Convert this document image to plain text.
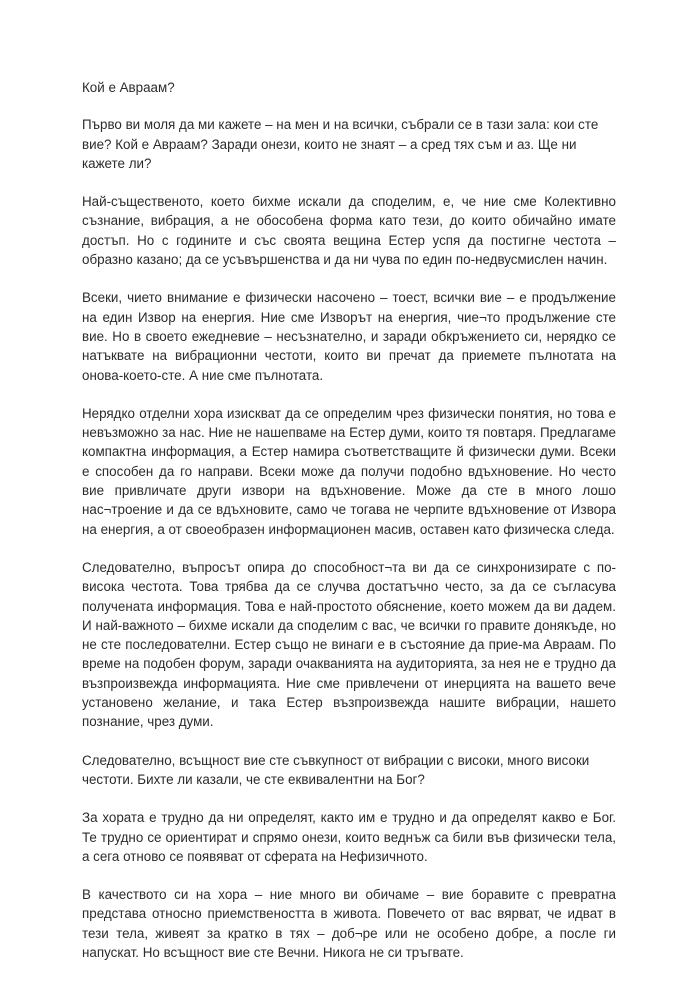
Кой е Авраам?

Първо ви моля да ми кажете – на мен и на всички, събрали се в тази зала: кои сте вие? Кой е Авраам? Заради онези, които не знаят – а сред тях съм и аз. Ще ни кажете ли?

Най-същественото, което бихме искали да споделим, е, че ние сме Колективно съзнание, вибрация, а не обособена форма като тези, до които обичайно имате достъп. Но с годините и със своята вещина Естер успя да постигне честота – образно казано; да се усъвършенства и да ни чува по един по-недвусмислен начин.

Всеки, чието внимание е физически насочено – тоест, всички вие – е продължение на един Извор на енергия. Ние сме Изворът на енергия, чие¬то продължение сте вие. Но в своето ежедневие – несъзнателно, и заради обкръжението си, нерядко се натъквате на вибрационни честоти, които ви пречат да приемете пълнотата на онова-което-сте. А ние сме пълнотата.

Нерядко отделни хора изискват да се определим чрез физически понятия, но това е невъзможно за нас. Ние не нашепваме на Естер думи, които тя повтаря. Предлагаме компактна информация, а Естер намира съответстващите й физически думи. Всеки е способен да го направи. Всеки може да получи подобно вдъхновение. Но често вие привличате други извори на вдъхновение. Може да сте в много лошо нас¬троение и да се вдъхновите, само че тогава не черпите вдъхновение от Извора на енергия, а от своеобразен информационен масив, оставен като физическа следа.

Следователно, въпросът опира до способност¬та ви да се синхронизирате с по-висока честота. Това трябва да се случва достатъчно често, за да се съгласува получената информация. Това е най-простото обяснение, което можем да ви дадем. И най-важното – бихме искали да споделим с вас, че всички го правите донякъде, но не сте последователни. Естер също не винаги е в състояние да прие-ма Авраам. По време на подобен форум, заради очакванията на аудиторията, за нея не е трудно да възпроизвежда информацията. Ние сме привлечени от инерцията на вашето вече установено желание, и така Естер възпроизвежда нашите вибрации, нашето познание, чрез думи.

Следователно, всъщност вие сте съвкупност от вибрации с високи, много високи честоти. Бихте ли казали, че сте еквивалентни на Бог?

За хората е трудно да ни определят, както им е трудно и да определят какво е Бог. Те трудно се ориентират и спрямо онези, които веднъж са били във физически тела, а сега отново се появяват от сферата на Нефизичното.

В качеството си на хора – ние много ви обичаме – вие боравите с превратна представа относно приемствеността в живота. Повечето от вас вярват, че идват в тези тела, живеят за кратко в тях – доб¬ре или не особено добре, а после ги напускат. Но всъщност вие сте Вечни. Никога не си тръгвате.
